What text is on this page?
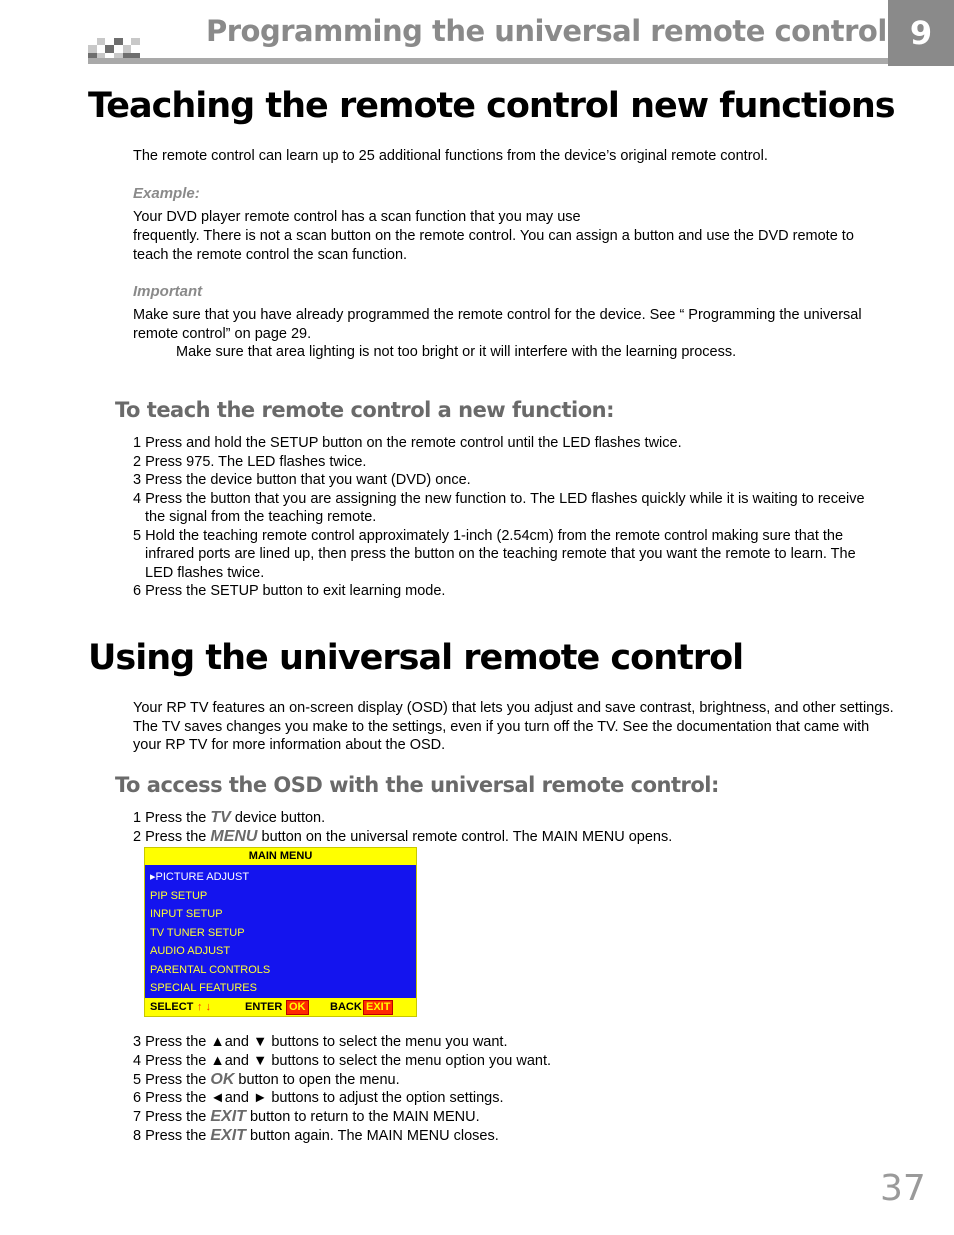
Programming the universal remote control 9
Teaching the remote control new functions
The remote control can learn up to 25 additional functions from the device’s original remote control.
Example:
Your DVD player remote control has a scan function that you may use
frequently. There is not a scan button on the remote control. You can assign a button and use the DVD remote to teach the remote control the scan function.
Important
Make sure that you have already programmed the remote control for the device. See “ Programming the universal remote control” on page 29.
Make sure that area lighting is not too bright or it will interfere with the learning process.
To teach the remote control a new function:
1 Press and hold the SETUP button on the remote control until the LED flashes twice.
2 Press 975. The LED flashes twice.
3 Press the device button that you want (DVD) once.
4 Press the button that you are assigning the new function to. The LED flashes quickly while it is waiting to receive the signal from the teaching remote.
5 Hold the teaching remote control approximately 1-inch (2.54cm) from the remote control making sure that the infrared ports are lined up, then press the button on the teaching remote that you want the remote to learn. The LED flashes twice.
6 Press the SETUP button to exit learning mode.
Using the universal remote control
Your RP TV features an on-screen display (OSD) that lets you adjust and save contrast, brightness, and other settings. The TV saves changes you make to the settings, even if you turn off the TV. See the documentation that came with your RP TV for more information about the OSD.
To access the OSD with the universal remote control:
1 Press the TV device button.
2 Press the MENU button on the universal remote control. The MAIN MENU opens.
MAIN MENU
▸PICTURE ADJUST
PIP SETUP
INPUT SETUP
TV TUNER SETUP
AUDIO ADJUST
PARENTAL CONTROLS
SPECIAL FEATURES
SELECT ↑ ↓	ENTER OK BACK EXIT
3 Press the ▲and ▼ buttons to select the menu you want.
4 Press the ▲and ▼ buttons to select the menu option you want.
5 Press the OK button to open the menu.
6 Press the ◄and ► buttons to adjust the option settings.
7 Press the EXIT button to return to the MAIN MENU.
8 Press the EXIT button again. The MAIN MENU closes.
37
